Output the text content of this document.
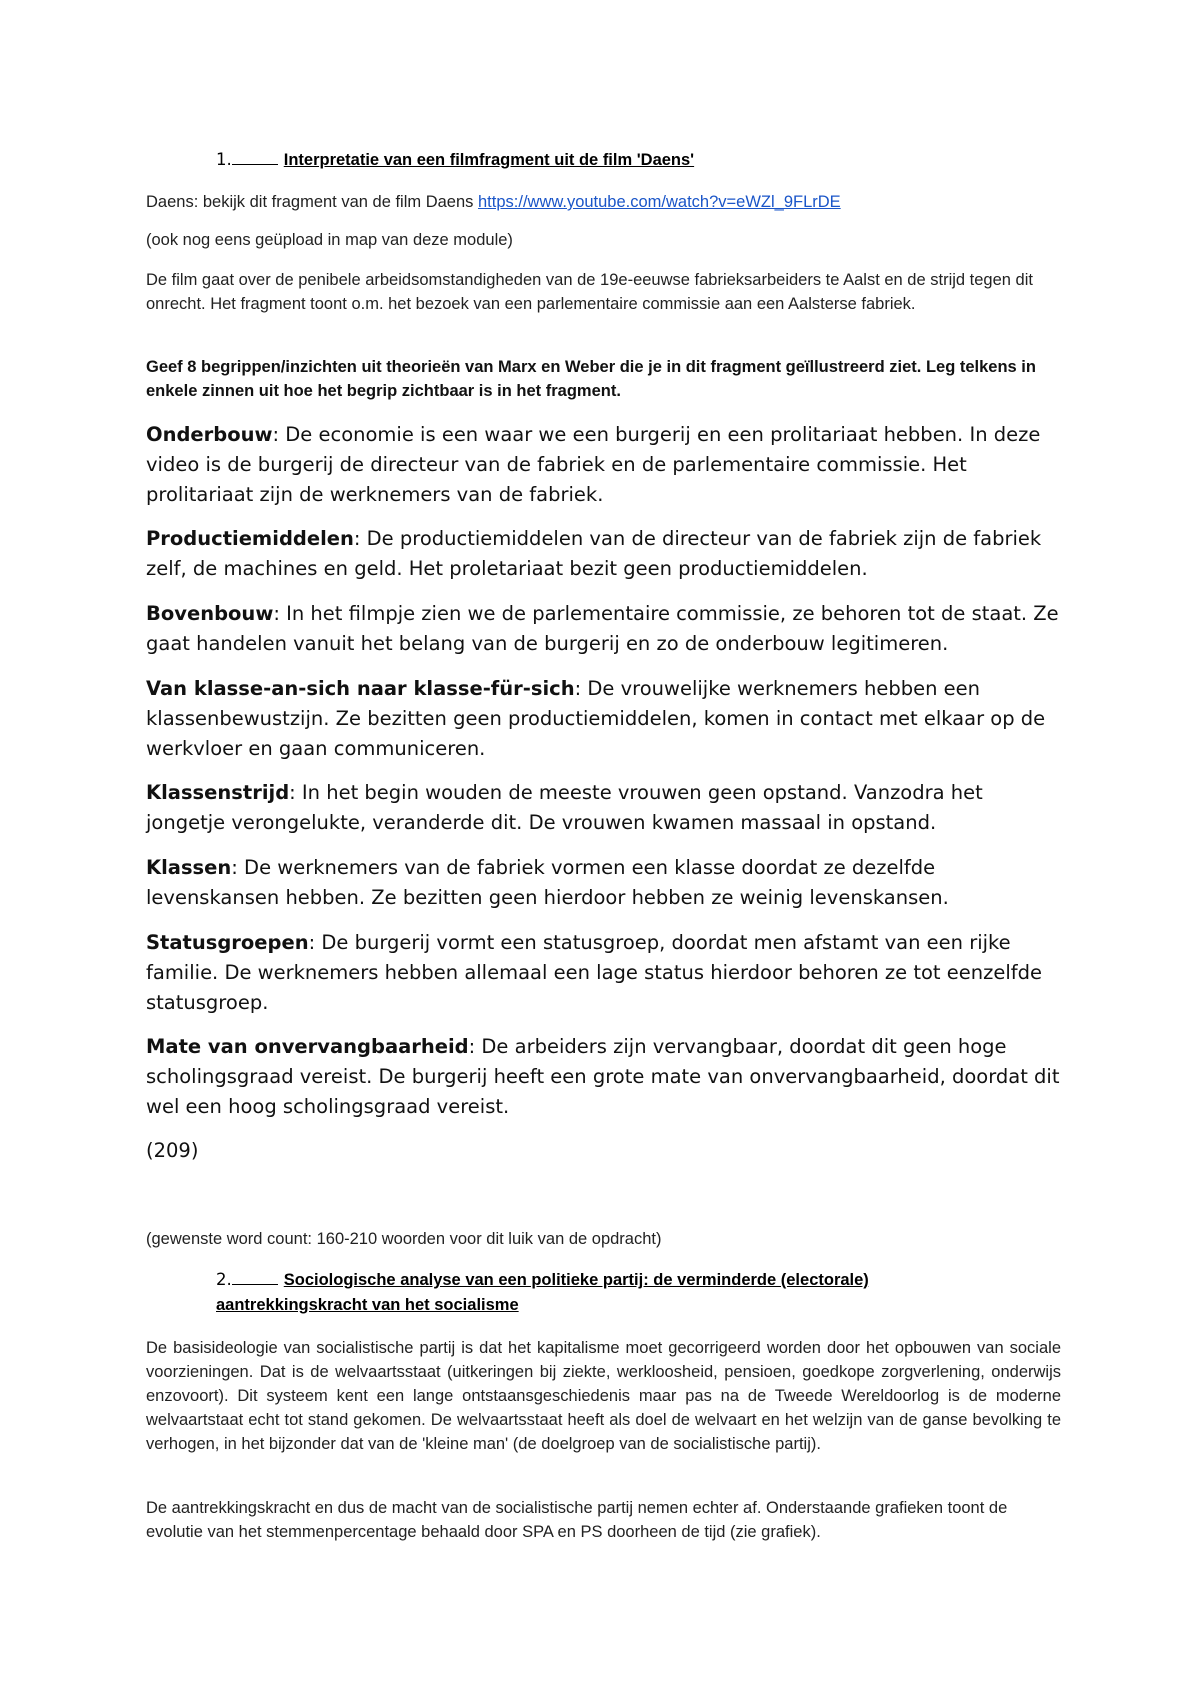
1.	Interpretatie van een filmfragment uit de film 'Daens'

Daens: bekijk dit fragment van de film Daens https://www.youtube.com/watch?v=eWZl_9FLrDE

(ook nog eens geüpload in map van deze module)

De film gaat over de penibele arbeidsomstandigheden van de 19e-eeuwse fabrieksarbeiders te Aalst en de strijd tegen dit onrecht. Het fragment toont o.m. het bezoek van een parlementaire commissie aan een Aalsterse fabriek.

Geef 8 begrippen/inzichten uit theorieën van Marx en Weber die je in dit fragment geïllustreerd ziet. Leg telkens in enkele zinnen uit hoe het begrip zichtbaar is in het fragment.

Onderbouw: De economie is een waar we een burgerij en een prolitariaat hebben. In deze video is de burgerij de directeur van de fabriek en de parlementaire commissie. Het prolitariaat zijn de werknemers van de fabriek.

Productiemiddelen: De productiemiddelen van de directeur van de fabriek zijn de fabriek zelf, de machines en geld. Het proletariaat bezit geen productiemiddelen.

Bovenbouw: In het filmpje zien we de parlementaire commissie, ze behoren tot de staat. Ze gaat handelen vanuit het belang van de burgerij en zo de onderbouw legitimeren.

Van klasse-an-sich naar klasse-für-sich: De vrouwelijke werknemers hebben een klassenbewustzijn. Ze bezitten geen productiemiddelen, komen in contact met elkaar op de werkvloer en gaan communiceren.

Klassenstrijd: In het begin wouden de meeste vrouwen geen opstand. Vanzodra het jongetje verongelukte, veranderde dit. De vrouwen kwamen massaal in opstand.

Klassen: De werknemers van de fabriek vormen een klasse doordat ze dezelfde levenskansen hebben. Ze bezitten geen hierdoor hebben ze weinig levenskansen.

Statusgroepen: De burgerij vormt een statusgroep, doordat men afstamt van een rijke familie. De werknemers hebben allemaal een lage status hierdoor behoren ze tot eenzelfde statusgroep.

Mate van onvervangbaarheid: De arbeiders zijn vervangbaar, doordat dit geen hoge scholingsgraad vereist. De burgerij heeft een grote mate van onvervangbaarheid, doordat dit wel een hoog scholingsgraad vereist.

(209)

(gewenste word count: 160-210 woorden voor dit luik van de opdracht)

2.	Sociologische analyse van een politieke partij: de verminderde (electorale)
aantrekkingskracht van het socialisme

De basisideologie van socialistische partij is dat het kapitalisme moet gecorrigeerd worden door het opbouwen van sociale voorzieningen. Dat is de welvaartsstaat (uitkeringen bij ziekte, werkloosheid, pensioen, goedkope zorgverlening, onderwijs enzovoort). Dit systeem kent een lange ontstaansgeschiedenis maar pas na de Tweede Wereldoorlog is de moderne welvaartstaat echt tot stand gekomen. De welvaartsstaat heeft als doel de welvaart en het welzijn van de ganse bevolking te verhogen, in het bijzonder dat van de 'kleine man' (de doelgroep van de socialistische partij).

De aantrekkingskracht en dus de macht van de socialistische partij nemen echter af. Onderstaande grafieken toont de evolutie van het stemmenpercentage behaald door SPA en PS doorheen de tijd (zie grafiek).
